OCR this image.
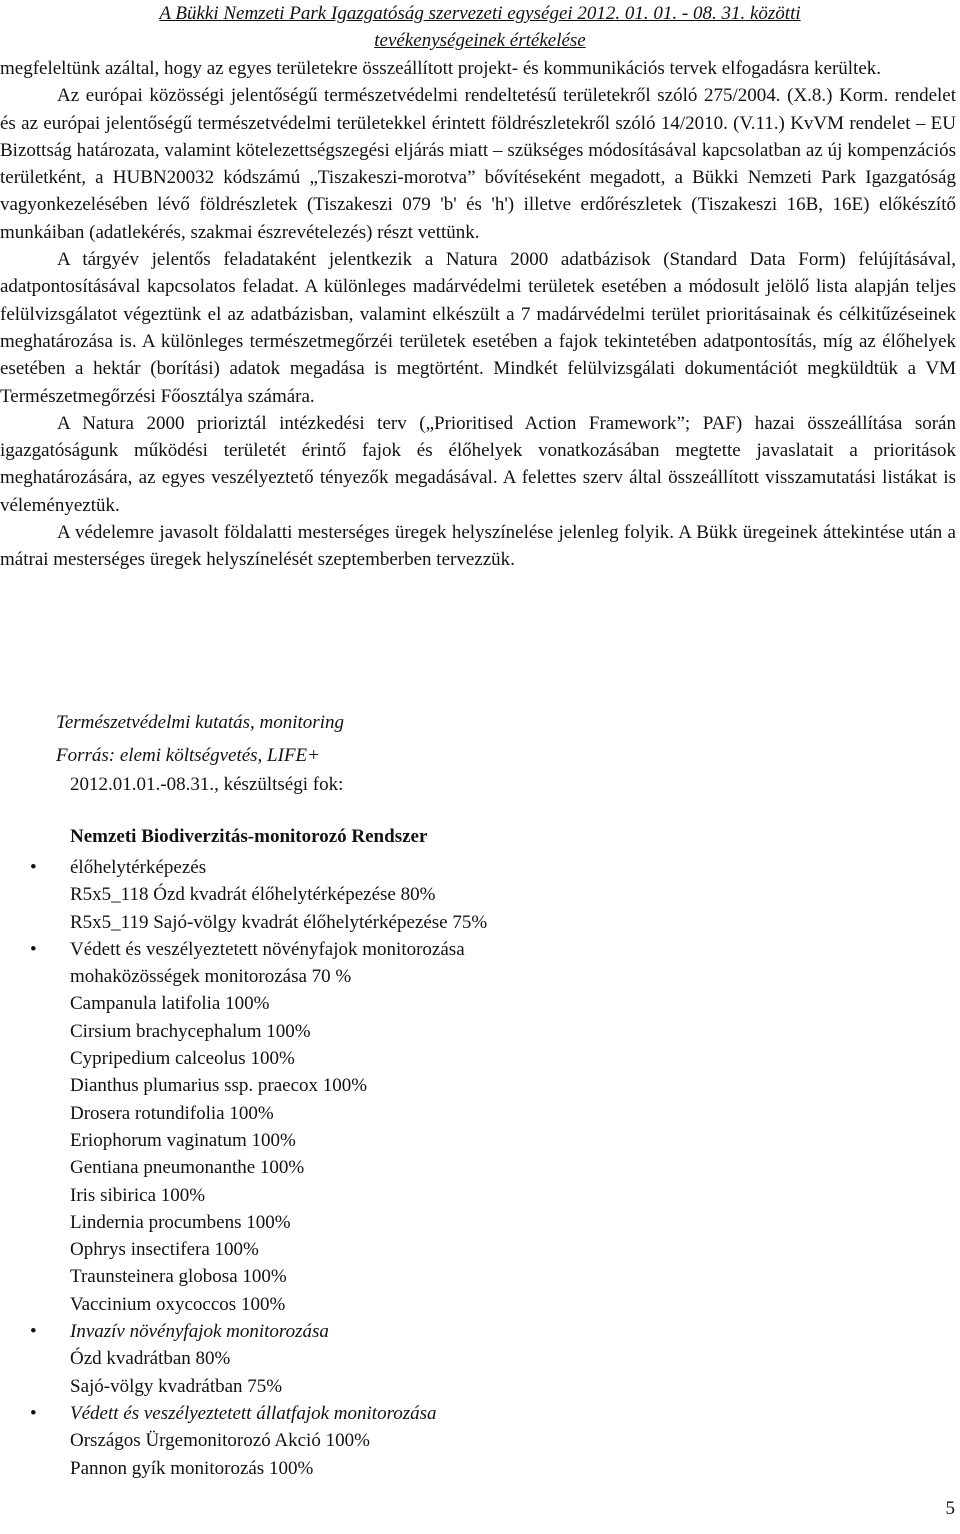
A Bükki Nemzeti Park Igazgatóság szervezeti egységei 2012. 01. 01. - 08. 31. közötti
tevékenységeinek értékelése

megfeleltünk azáltal, hogy az egyes területekre összeállított projekt- és kommunikációs tervek elfogadásra kerültek.

Az európai közösségi jelentőségű természetvédelmi rendeltetésű területekről szóló 275/2004. (X.8.) Korm. rendelet és az európai jelentőségű természetvédelmi területekkel érintett földrészletekről szóló 14/2010. (V.11.) KvVM rendelet – EU Bizottság határozata, valamint kötelezettségszegési eljárás miatt – szükséges módosításával kapcsolatban az új kompenzációs területként, a HUBN20032 kódszámú „Tiszakeszi-morotva” bővítéseként megadott, a Bükki Nemzeti Park Igazgatóság vagyonkezelésében lévő földrészletek (Tiszakeszi 079 'b' és 'h') illetve erdőrészletek (Tiszakeszi 16B, 16E) előkészítő munkáiban (adatlekérés, szakmai észrevételezés) részt vettünk.

A tárgyév jelentős feladataként jelentkezik a Natura 2000 adatbázisok (Standard Data Form) felújításával, adatpontosításával kapcsolatos feladat. A különleges madárvédelmi területek esetében a módosult jelölő lista alapján teljes felülvizsgálatot végeztünk el az adatbázisban, valamint elkészült a 7 madárvédelmi terület prioritásainak és célkitűzéseinek meghatározása is. A különleges természetmegőrzéi területek esetében a fajok tekintetében adatpontosítás, míg az élőhelyek esetében a hektár (borítási) adatok megadása is megtörtént. Mindkét felülvizsgálati dokumentációt megküldtük a VM Természetmegőrzési Főosztálya számára.

A Natura 2000 prioriztál intézkedési terv („Prioritised Action Framework”; PAF) hazai összeállítása során igazgatóságunk működési területét érintő fajok és élőhelyek vonatkozásában megtette javaslatait a prioritások meghatározására, az egyes veszélyeztető tényezők megadásával. A felettes szerv által összeállított visszamutatási listákat is véleményeztük.

A védelemre javasolt földalatti mesterséges üregek helyszínelése jelenleg folyik. A Bükk üregeinek áttekintése után a mátrai mesterséges üregek helyszínelését szeptemberben tervezzük.

Természetvédelmi kutatás, monitoring
Forrás: elemi költségvetés, LIFE+
2012.01.01.-08.31., készültségi fok:
Nemzeti Biodiverzitás-monitorozó Rendszer
• élőhelytérképezés
R5x5_118 Ózd kvadrát élőhelytérképezése 80%
R5x5_119 Sajó-völgy kvadrát élőhelytérképezése 75%
• Védett és veszélyeztetett növényfajok monitorozása
mohaközösségek monitorozása 70 %
Campanula latifolia 100%
Cirsium brachycephalum 100%
Cypripedium calceolus 100%
Dianthus plumarius ssp. praecox 100%
Drosera rotundifolia 100%
Eriophorum vaginatum 100%
Gentiana pneumonanthe 100%
Iris sibirica 100%
Lindernia procumbens 100%
Ophrys insectifera 100%
Traunsteinera globosa 100%
Vaccinium oxycoccos 100%
• Invazív növényfajok monitorozása
Ózd kvadrátban 80%
Sajó-völgy kvadrátban 75%
• Védett és veszélyeztetett állatfajok monitorozása
Országos Ürgemonitorozó Akció 100%
Pannon gyík monitorozás 100%
5
